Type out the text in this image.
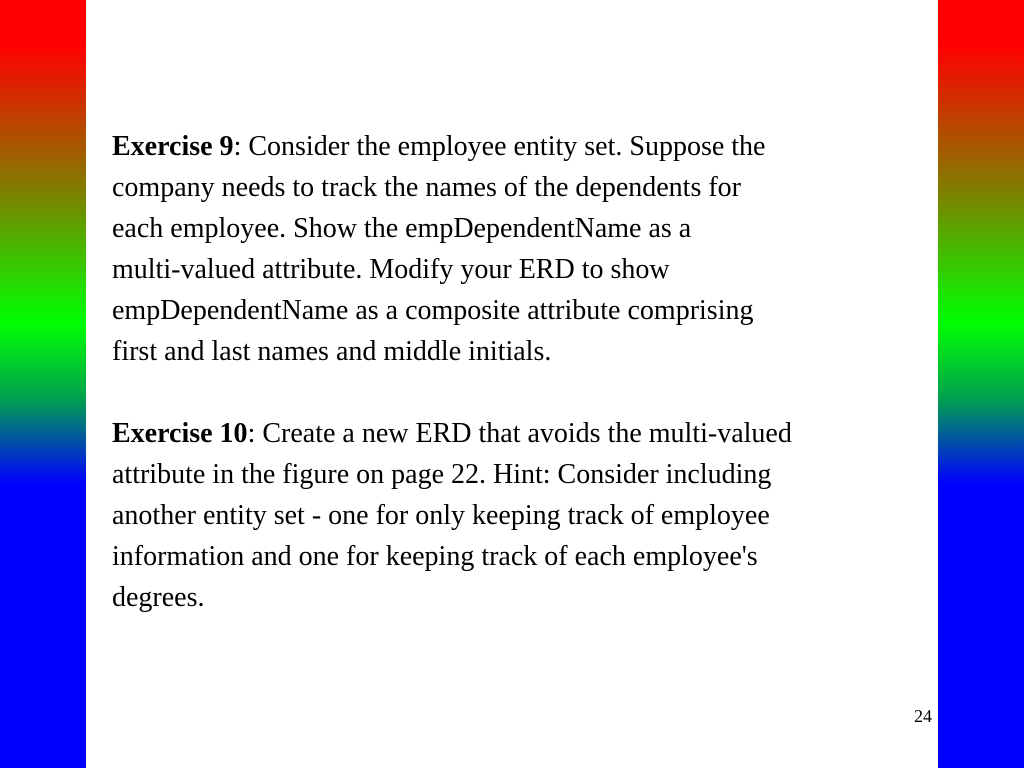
Exercise 9: Consider the employee entity set. Suppose the
company needs to track the names of the dependents for
each employee. Show the empDependentName as a
multi-valued attribute. Modify your ERD to show
empDependentName as a composite attribute comprising
first and last names and middle initials.
Exercise 10: Create a new ERD that avoids the multi-valued
attribute in the figure on page 22. Hint: Consider including
another entity set - one for only keeping track of employee
information and one for keeping track of each employee's
degrees.
24
